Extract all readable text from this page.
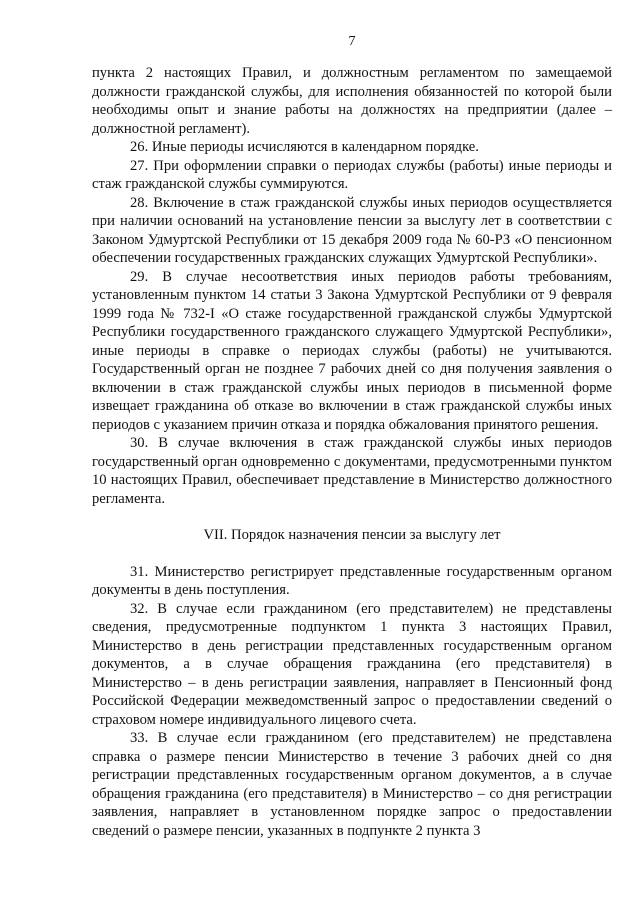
7

пункта 2 настоящих Правил, и должностным регламентом по замещаемой должности гражданской службы, для исполнения обязанностей по которой были необходимы опыт и знание работы на должностях на предприятии (далее – должностной регламент).

26. Иные периоды исчисляются в календарном порядке.

27. При оформлении справки о периодах службы (работы) иные периоды и стаж гражданской службы суммируются.

28. Включение в стаж гражданской службы иных периодов осуществляется при наличии оснований на установление пенсии за выслугу лет в соответствии с Законом Удмуртской Республики от 15 декабря 2009 года № 60-РЗ «О пенсионном обеспечении государственных гражданских служащих Удмуртской Республики».

29. В случае несоответствия иных периодов работы требованиям, установленным пунктом 14 статьи 3 Закона Удмуртской Республики от 9 февраля 1999 года № 732-I «О стаже государственной гражданской службы Удмуртской Республики государственного гражданского служащего Удмуртской Республики», иные периоды в справке о периодах службы (работы) не учитываются. Государственный орган не позднее 7 рабочих дней со дня получения заявления о включении в стаж гражданской службы иных периодов в письменной форме извещает гражданина об отказе во включении в стаж гражданской службы иных периодов с указанием причин отказа и порядка обжалования принятого решения.

30. В случае включения в стаж гражданской службы иных периодов государственный орган одновременно с документами, предусмотренными пунктом 10 настоящих Правил, обеспечивает представление в Министерство должностного регламента.

VII. Порядок назначения пенсии за выслугу лет

31. Министерство регистрирует представленные государственным органом документы в день поступления.

32. В случае если гражданином (его представителем) не представлены сведения, предусмотренные подпунктом 1 пункта 3 настоящих Правил, Министерство в день регистрации представленных государственным органом документов, а в случае обращения гражданина (его представителя) в Министерство – в день регистрации заявления, направляет в Пенсионный фонд Российской Федерации межведомственный запрос о предоставлении сведений о страховом номере индивидуального лицевого счета.

33. В случае если гражданином (его представителем) не представлена справка о размере пенсии Министерство в течение 3 рабочих дней со дня регистрации представленных государственным органом документов, а в случае обращения гражданина (его представителя) в Министерство – со дня регистрации заявления, направляет в установленном порядке запрос о предоставлении сведений о размере пенсии, указанных в подпункте 2 пункта 3
